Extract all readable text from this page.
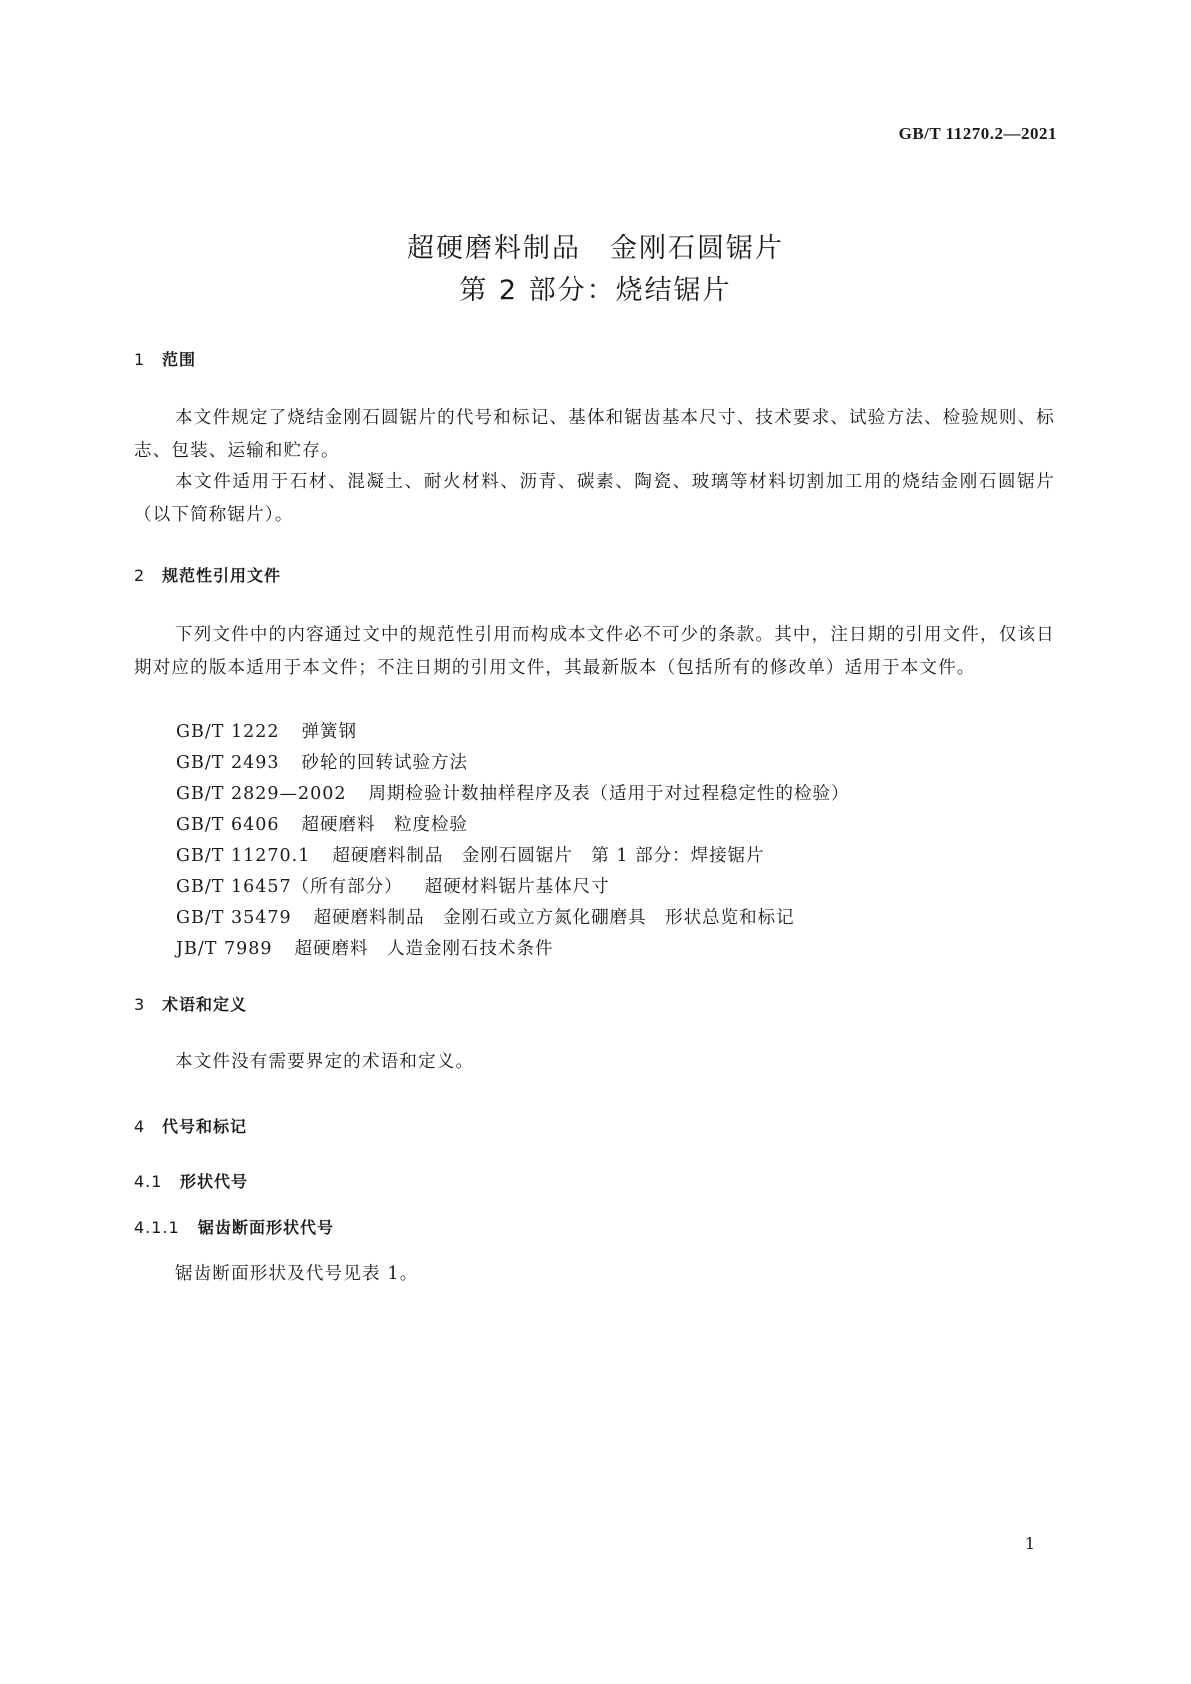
GB/T 11270.2—2021
超硬磨料制品　金刚石圆锯片
第 2 部分：烧结锯片
1 范围
本文件规定了烧结金刚石圆锯片的代号和标记、基体和锯齿基本尺寸、技术要求、试验方法、检验规则、标志、包装、运输和贮存。
本文件适用于石材、混凝土、耐火材料、沥青、碳素、陶瓷、玻璃等材料切割加工用的烧结金刚石圆锯片（以下简称锯片）。
2 规范性引用文件
下列文件中的内容通过文中的规范性引用而构成本文件必不可少的条款。其中，注日期的引用文件，仅该日期对应的版本适用于本文件；不注日期的引用文件，其最新版本（包括所有的修改单）适用于本文件。
GB/T 1222 弹簧钢
GB/T 2493 砂轮的回转试验方法
GB/T 2829—2002 周期检验计数抽样程序及表（适用于对过程稳定性的检验）
GB/T 6406 超硬磨料　粒度检验
GB/T 11270.1 超硬磨料制品　金刚石圆锯片　第 1 部分：焊接锯片
GB/T 16457（所有部分） 超硬材料锯片基体尺寸
GB/T 35479 超硬磨料制品　金刚石或立方氮化硼磨具　形状总览和标记
JB/T 7989 超硬磨料　人造金刚石技术条件
3 术语和定义
本文件没有需要界定的术语和定义。
4 代号和标记
4.1 形状代号
4.1.1 锯齿断面形状代号
锯齿断面形状及代号见表 1。
1
